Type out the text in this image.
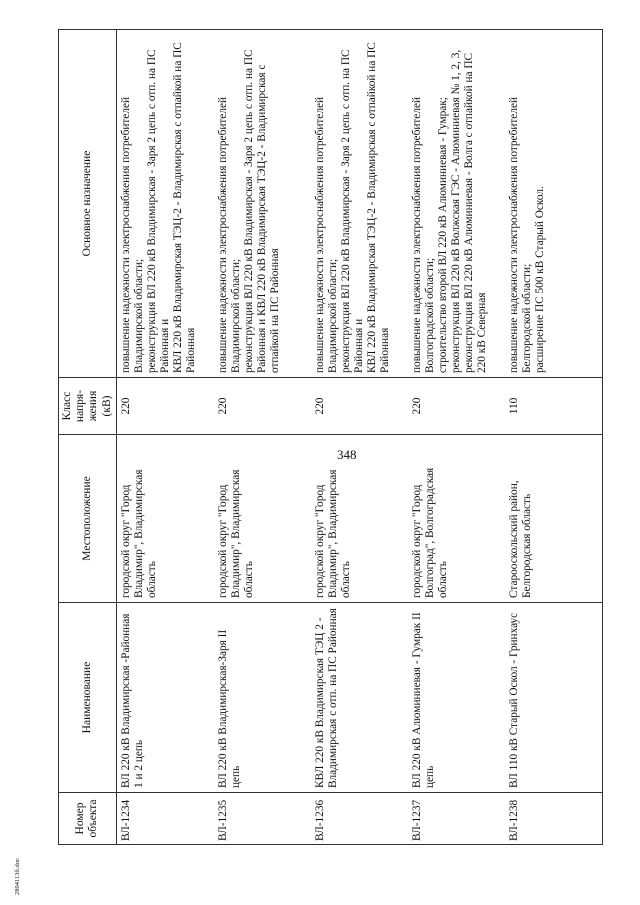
348
Номер объекта	Наименование	Местоположение	Класс напря-жения (кВ)	Основное назначение
ВЛ-1234	ВЛ 220 кВ Владимирская -Районная 1 и 2 цепь	городской округ "Город Владимир", Владимирская область	220	повышение надежности электроснабжения потребителей Владимирской области; реконструкция ВЛ 220 кВ Владимирская - Заря 2 цепь с отп. на ПС Районная и КВЛ 220 кВ Владимирская ТЭЦ-2 - Владимирская с отпайкой на ПС Районная

ВЛ-1235	ВЛ 220 кВ Владимирская-Заря II цепь	городской округ "Город Владимир", Владимирская область	220	повышение надежности электроснабжения потребителей Владимирской области; реконструкция ВЛ 220 кВ Владимирская - Заря 2 цепь с отп. на ПС Районная и КВЛ 220 кВ Владимирская ТЭЦ-2 - Владимирская с отпайкой на ПС Районная

ВЛ-1236	КВЛ 220 кВ Владимирская ТЭЦ 2 - Владимирская с отп. на ПС Районная	городской округ "Город Владимир", Владимирская область	220	повышение надежности электроснабжения потребителей Владимирской области; реконструкция ВЛ 220 кВ Владимирская - Заря 2 цепь с отп. на ПС Районная и КВЛ 220 кВ Владимирская ТЭЦ-2 - Владимирская с отпайкой на ПС Районная

ВЛ-1237	ВЛ 220 кВ Алюминиевая - Гумрак II цепь	городской округ "Город Волгоград", Волгоградская область	220	повышение надежности электроснабжения потребителей Волгоградской области; строительство второй ВЛ 220 кВ Алюминиевая - Гумрак; реконструкция ВЛ 220 кВ Волжская ГЭС - Алюминиевая № 1, 2, 3, реконструкция ВЛ 220 кВ Алюминиевая - Волга с отпайкой на ПС 220 кВ Северная

ВЛ-1238	ВЛ 110 кВ Старый Оскол - Гринхаус	Старооскольский район, Белгородская область	110	повышение надежности электроснабжения потребителей Белгородской области; расширение ПС 500 кВ Старый Оскол.
2804113б.doc
